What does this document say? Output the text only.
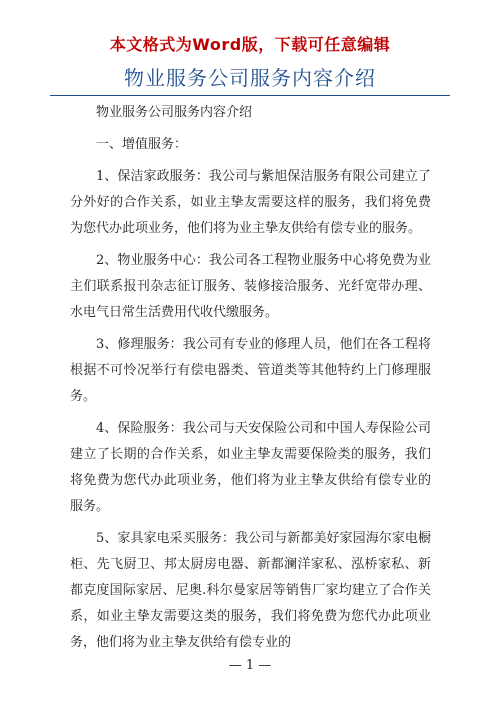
本文格式为Word版，下载可任意编辑
物业服务公司服务内容介绍

物业服务公司服务内容介绍

一、增值服务：

1、保洁家政服务：我公司与紫旭保洁服务有限公司建立了分外好的合作关系，如业主挚友需要这样的服务，我们将免费为您代办此项业务，他们将为业主挚友供给有偿专业的服务。

2、物业服务中心：我公司各工程物业服务中心将免费为业主们联系报刊杂志征订服务、装修接洽服务、光纤宽带办理、水电气日常生活费用代收代缴服务。

3、修理服务：我公司有专业的修理人员，他们在各工程将根据不可怜况举行有偿电器类、管道类等其他特约上门修理服务。

4、保险服务：我公司与天安保险公司和中国人寿保险公司建立了长期的合作关系，如业主挚友需要保险类的服务，我们将免费为您代办此项业务，他们将为业主挚友供给有偿专业的服务。

5、家具家电采买服务：我公司与新都美好家园海尔家电橱柜、先飞厨卫、邦太厨房电器、新都澜洋家私、泓桥家私、新都克度国际家居、尼奥.科尔曼家居等销售厂家均建立了合作关系，如业主挚友需要这类的服务，我们将免费为您代办此项业务，他们将为业主挚友供给有偿专业的

— 1 —
